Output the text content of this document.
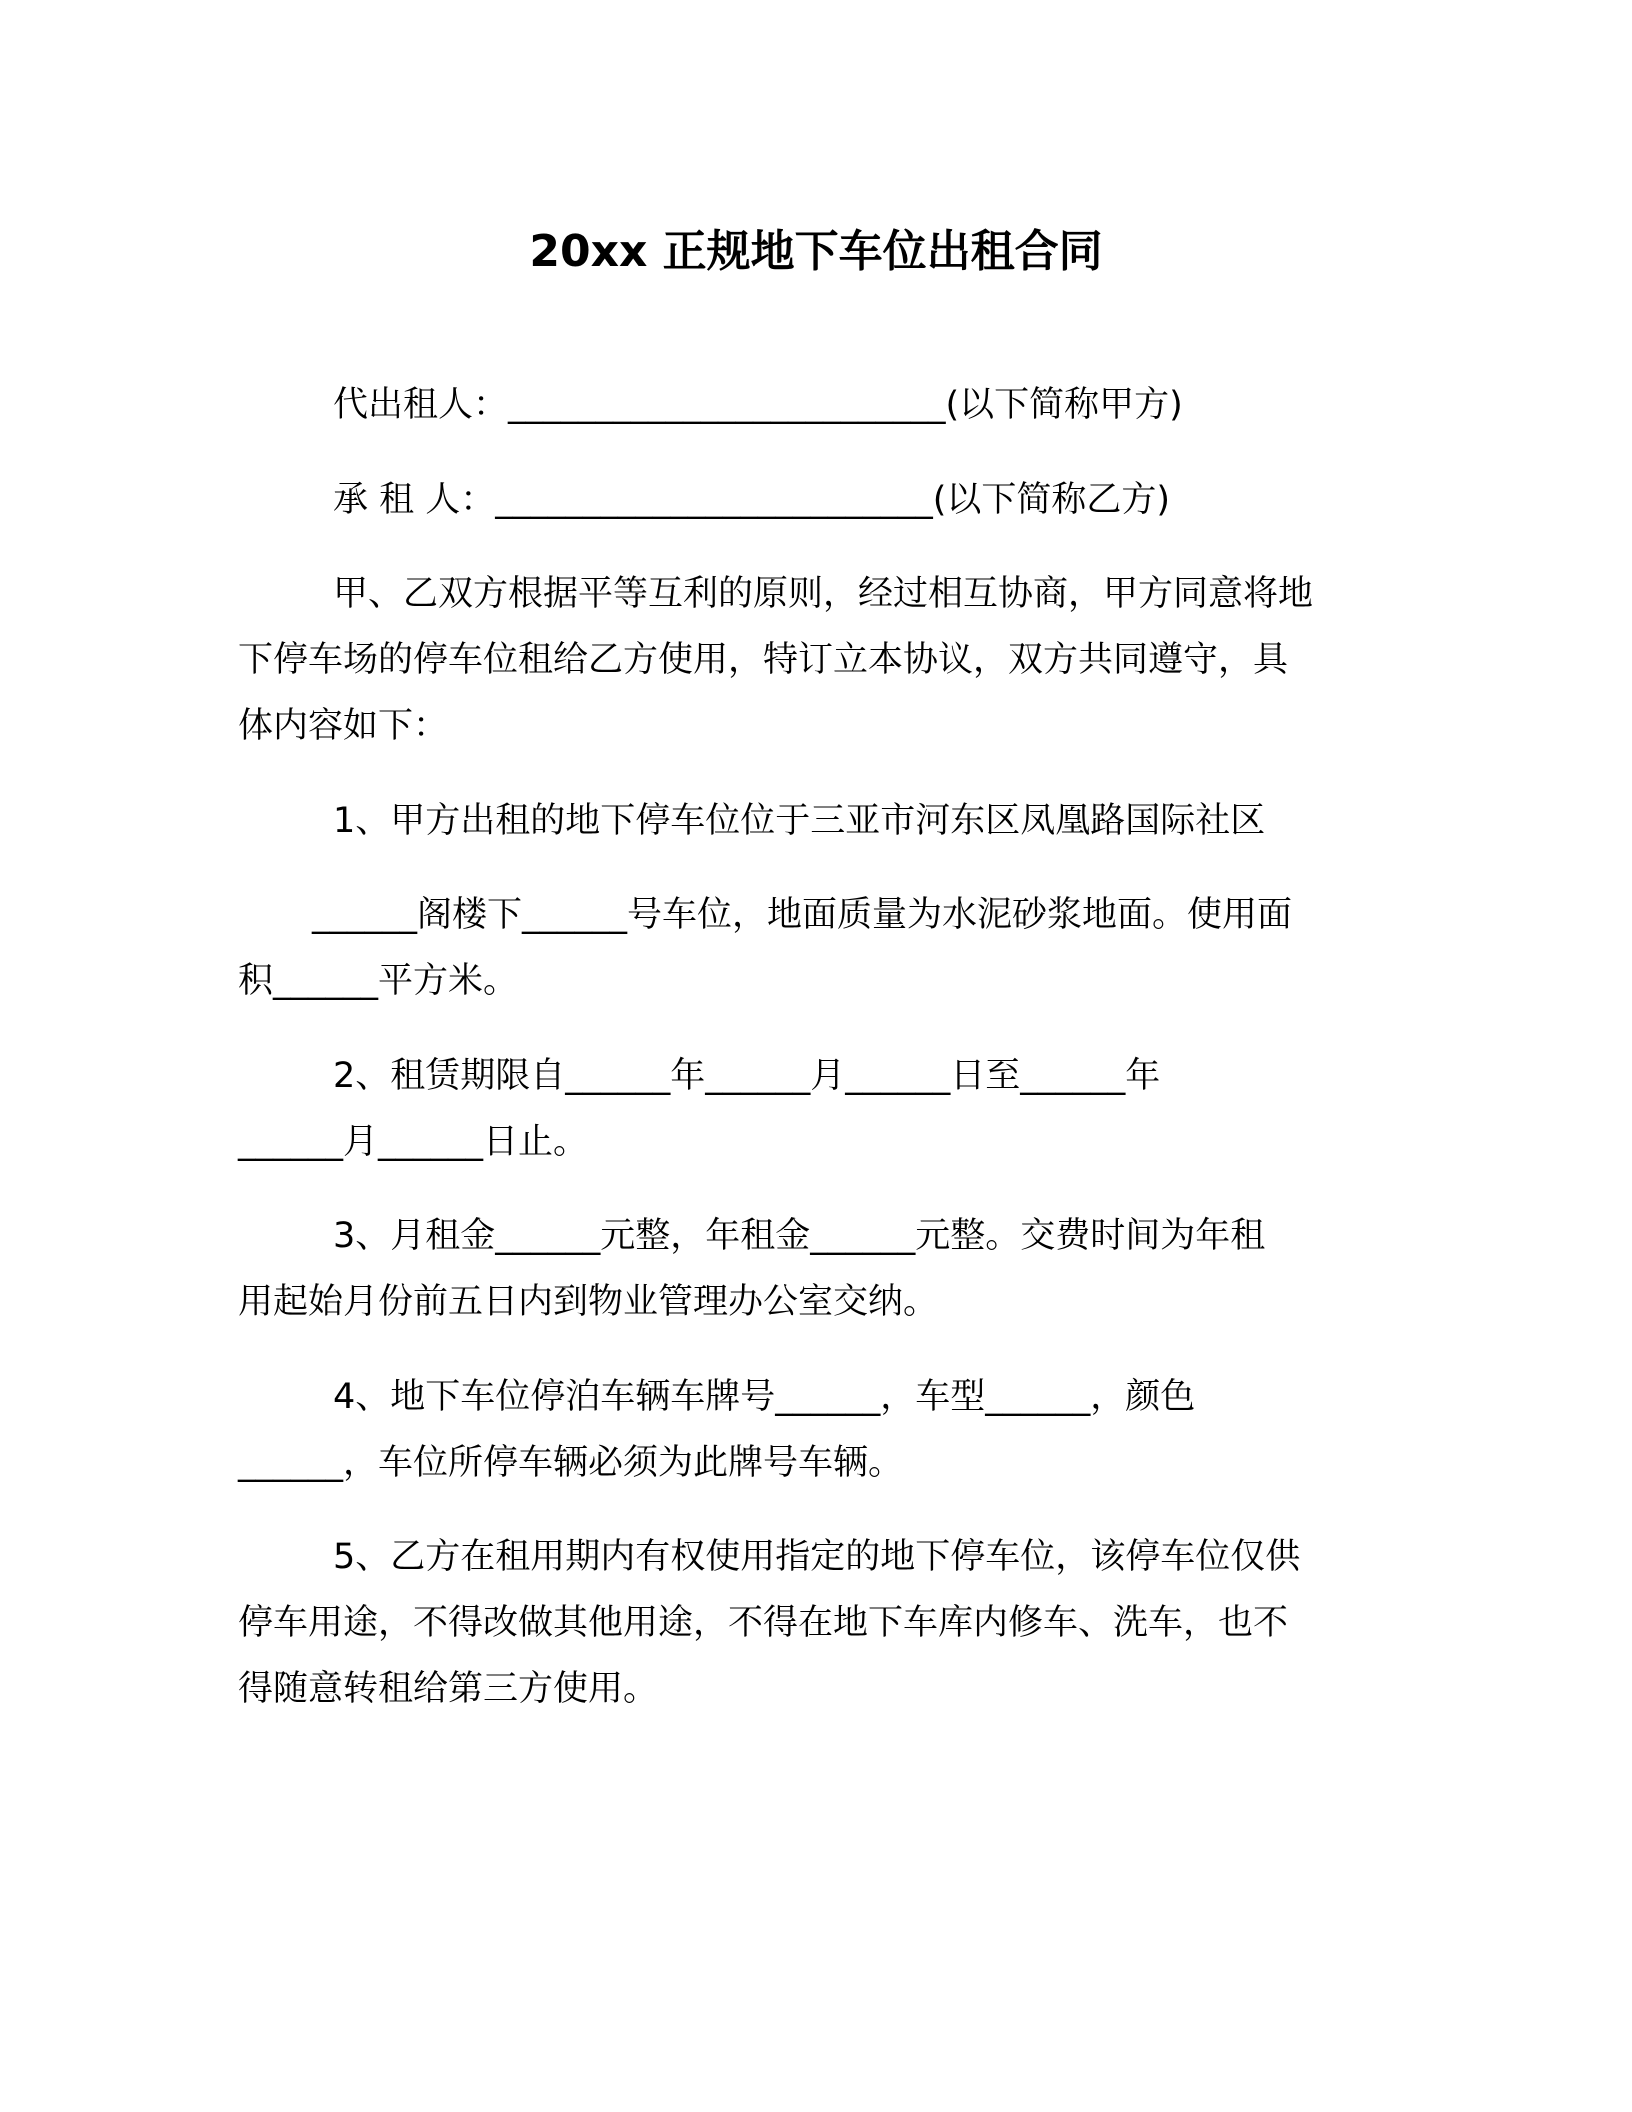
20xx 正规地下车位出租合同
代出租人：_________________________(以下简称甲方)
承 租 人：_________________________(以下简称乙方)
甲、乙双方根据平等互利的原则，经过相互协商，甲方同意将地
下停车场的停车位租给乙方使用，特订立本协议，双方共同遵守，具
体内容如下：
1、甲方出租的地下停车位位于三亚市河东区凤凰路国际社区
______阁楼下______号车位，地面质量为水泥砂浆地面。使用面
积______平方米。
2、租赁期限自______年______月______日至______年
______月______日止。
3、月租金______元整，年租金______元整。交费时间为年租
用起始月份前五日内到物业管理办公室交纳。
4、地下车位停泊车辆车牌号______，车型______，颜色
______，车位所停车辆必须为此牌号车辆。
5、乙方在租用期内有权使用指定的地下停车位，该停车位仅供
停车用途，不得改做其他用途，不得在地下车库内修车、洗车，也不
得随意转租给第三方使用。
